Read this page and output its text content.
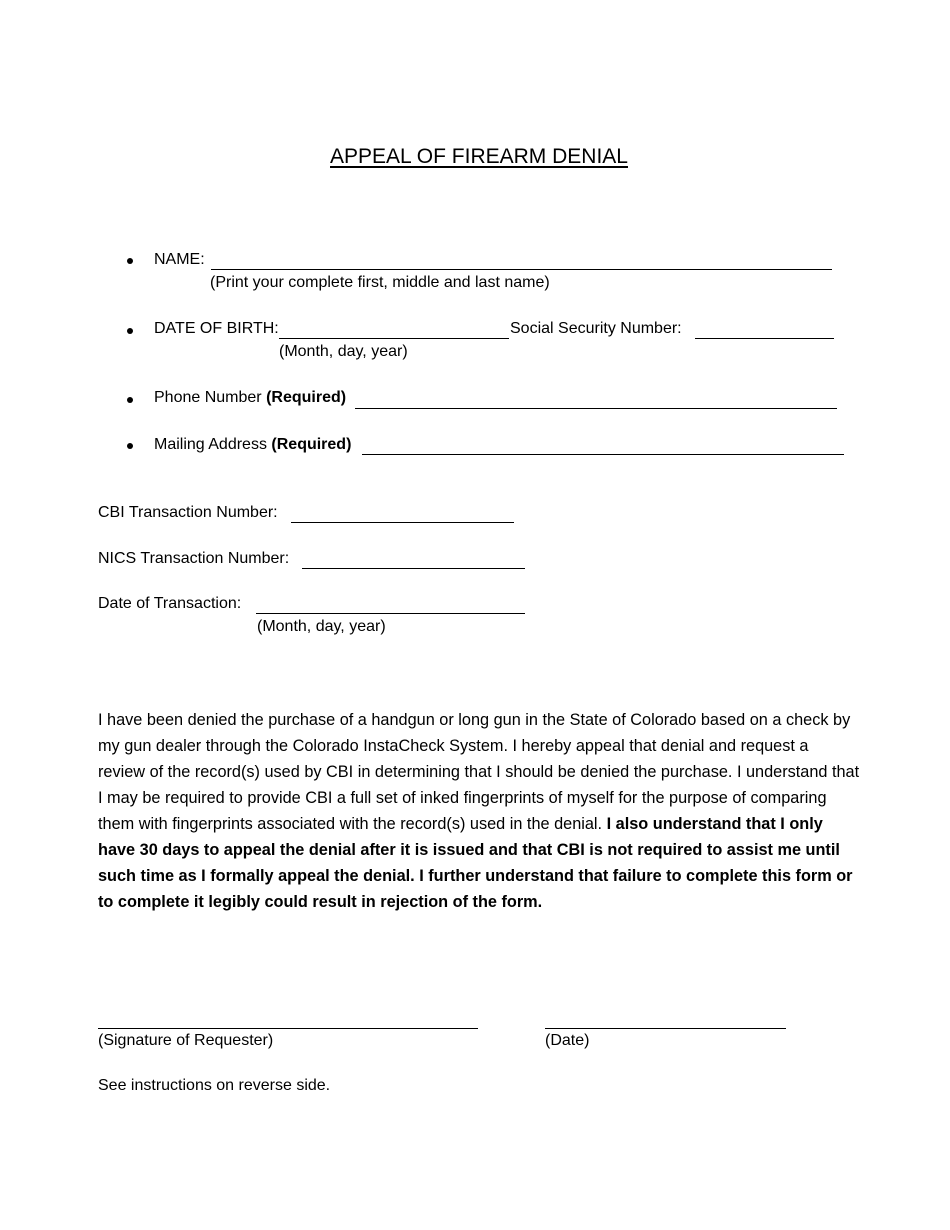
APPEAL OF FIREARM DENIAL
NAME:
(Print your complete first, middle and last name)
DATE OF BIRTH:	Social Security Number:
(Month, day, year)
Phone Number (Required)
Mailing Address (Required)
CBI Transaction Number:
NICS Transaction Number:
Date of Transaction:
(Month, day, year)
I have been denied the purchase of a handgun or long gun in the State of Colorado based on a check by my gun dealer through the Colorado InstaCheck System. I hereby appeal that denial and request a review of the record(s) used by CBI in determining that I should be denied the purchase. I understand that I may be required to provide CBI a full set of inked fingerprints of myself for the purpose of comparing them with fingerprints associated with the record(s) used in the denial. I also understand that I only have 30 days to appeal the denial after it is issued and that CBI is not required to assist me until such time as I formally appeal the denial. I further understand that failure to complete this form or to complete it legibly could result in rejection of the form.
(Signature of Requester)	(Date)
See instructions on reverse side.
